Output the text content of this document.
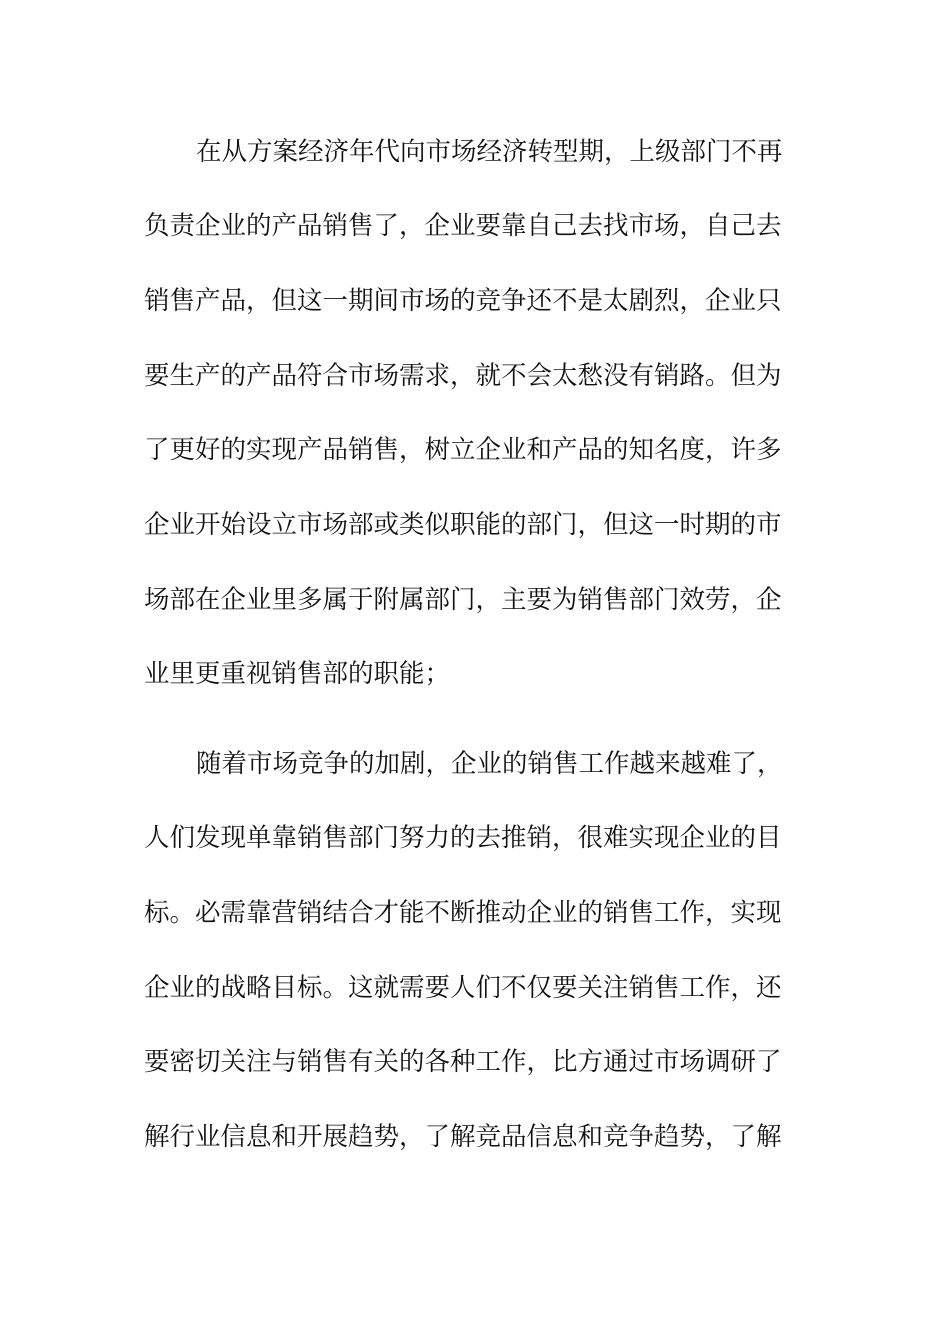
在从方案经济年代向市场经济转型期，上级部门不再
负责企业的产品销售了，企业要靠自己去找市场，自己去
销售产品，但这一期间市场的竞争还不是太剧烈，企业只
要生产的产品符合市场需求，就不会太愁没有销路。但为
了更好的实现产品销售，树立企业和产品的知名度，许多
企业开始设立市场部或类似职能的部门，但这一时期的市
场部在企业里多属于附属部门，主要为销售部门效劳，企
业里更重视销售部的职能；
随着市场竞争的加剧，企业的销售工作越来越难了，
人们发现单靠销售部门努力的去推销，很难实现企业的目
标。必需靠营销结合才能不断推动企业的销售工作，实现
企业的战略目标。这就需要人们不仅要关注销售工作，还
要密切关注与销售有关的各种工作，比方通过市场调研了
解行业信息和开展趋势，了解竞品信息和竞争趋势，了解
